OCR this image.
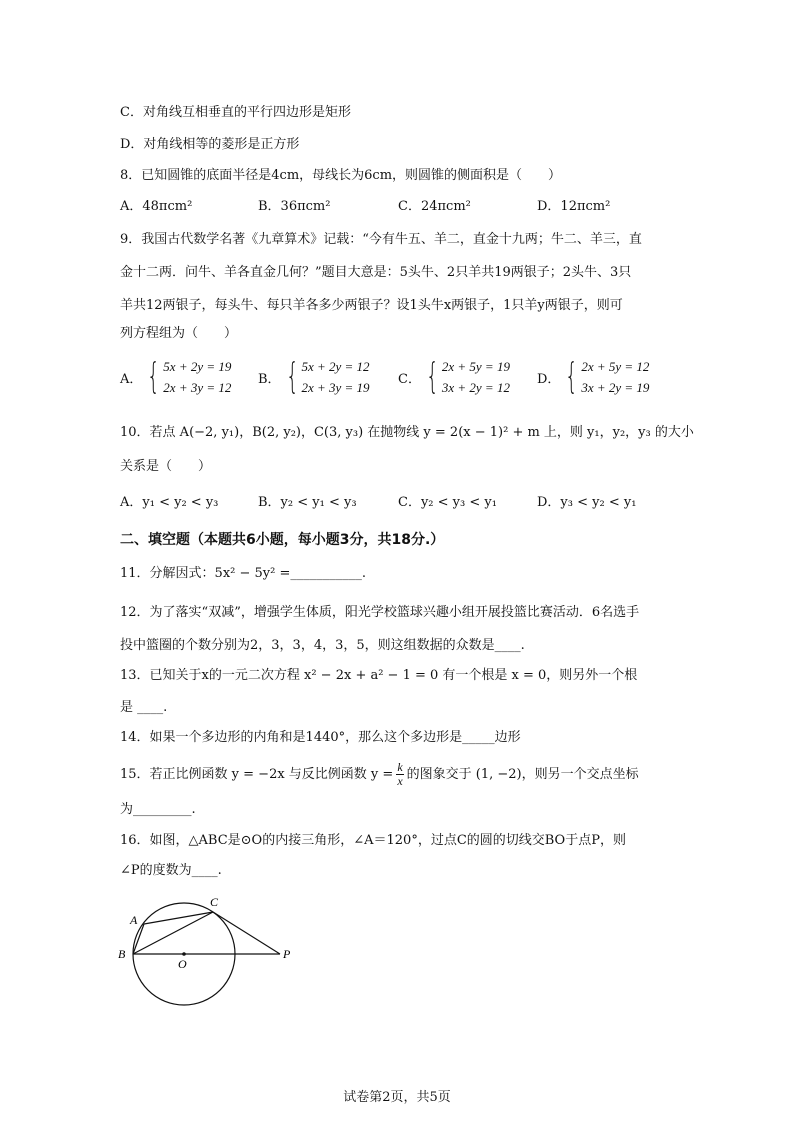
C．对角线互相垂直的平行四边形是矩形
D．对角线相等的菱形是正方形
8．已知圆锥的底面半径是4cm，母线长为6cm，则圆锥的侧面积是（　　）
A．48πcm²	B．36πcm²	C．24πcm²	D．12πcm²
9．我国古代数学名著《九章算术》记载：“今有牛五、羊二，直金十九两；牛二、羊三，直
金十二两．问牛、羊各直金几何？”题目大意是：5头牛、2只羊共19两银子；2头牛、3只
羊共12两银子，每头牛、每只羊各多少两银子？设1头牛x两银子，1只羊y两银子，则可
列方程组为（　　）
A． { 5x + 2y = 19
2x + 3y = 12
B． { 5x + 2y = 12
2x + 3y = 19
C． { 2x + 5y = 19
3x + 2y = 12
D． { 2x + 5y = 12
3x + 2y = 19
10．若点 A(−2, y₁)，B(2, y₂)，C(3, y₃) 在抛物线 y = 2(x − 1)² + m 上，则 y₁，y₂，y₃ 的大小
关系是（　　）
A．y₁ < y₂ < y₃	B．y₂ < y₁ < y₃	C．y₂ < y₃ < y₁	D．y₃ < y₂ < y₁
二、填空题（本题共6小题，每小题3分，共18分.）
11．分解因式：5x² − 5y² =___________.
12．为了落实“双减”，增强学生体质，阳光学校篮球兴趣小组开展投篮比赛活动．6名选手
投中篮圈的个数分别为2，3，3，4，3，5，则这组数据的众数是____.
13．已知关于x的一元二次方程 x² − 2x + a² − 1 = 0 有一个根是 x = 0，则另外一个根
是 ____.
14．如果一个多边形的内角和是1440°，那么这个多边形是_____边形
15．若正比例函数 y = −2x 与反比例函数 $y = \frac{k}{x}$ 的图象交于 (1, −2)，则另一个交点坐标
为_________.
16．如图，△ABC是⊙O的内接三角形，∠A＝120°，过点C的圆的切线交BO于点P，则
∠P的度数为____.
A
B
C
O
P
试卷第2页，共5页
